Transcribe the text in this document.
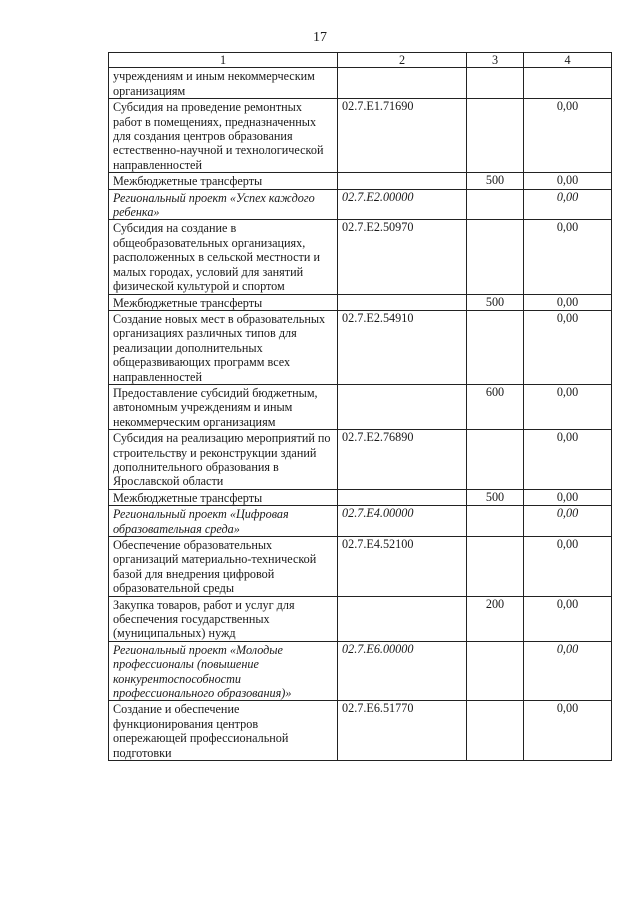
17
1	2	3	4
учреждениям и иным некоммерческим организациям			
Субсидия на проведение ремонтных работ в помещениях, предназначенных для создания центров образования естественно-научной и технологической направленностей	02.7.Е1.71690		0,00
Межбюджетные трансферты		500	0,00
Региональный проект «Успех каждого ребенка»	02.7.Е2.00000		0,00
Субсидия на создание в общеобразовательных организациях, расположенных в сельской местности и малых городах, условий для занятий физической культурой и спортом	02.7.Е2.50970		0,00
Межбюджетные трансферты		500	0,00
Создание новых мест в образовательных организациях различных типов для реализации дополнительных общеразвивающих программ всех направленностей	02.7.Е2.54910		0,00
Предоставление субсидий бюджетным, автономным учреждениям и иным некоммерческим организациям		600	0,00
Субсидия на реализацию мероприятий по строительству и реконструкции зданий дополнительного образования в Ярославской области	02.7.Е2.76890		0,00
Межбюджетные трансферты		500	0,00
Региональный проект «Цифровая образовательная среда»	02.7.Е4.00000		0,00
Обеспечение образовательных организаций материально-технической базой для внедрения цифровой образовательной среды	02.7.Е4.52100		0,00
Закупка товаров, работ и услуг для обеспечения государственных (муниципальных) нужд		200	0,00
Региональный проект «Молодые профессионалы (повышение конкурентоспособности профессионального образования)»	02.7.Е6.00000		0,00
Создание и обеспечение функционирования центров опережающей профессиональной подготовки	02.7.Е6.51770		0,00
